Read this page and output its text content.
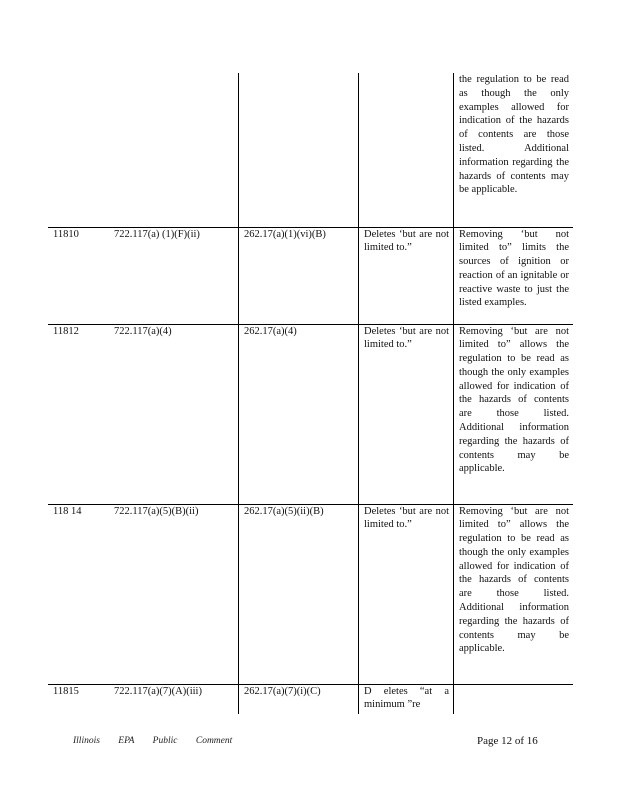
				the regulation to be read as though the only examples allowed for indication of the hazards of contents are those listed. Additional information regarding the hazards of contents may be applicable.

11810	722.117(a) (1)(F)(ii)	262.17(a)(1)(vi)(B)	Deletes ‘but are not limited to.”	Removing ‘but not limited to” limits the sources of ignition or reaction of an ignitable or reactive waste to just the listed examples.

11812	722.117(a)(4)	262.17(a)(4)	Deletes ‘but are not limited to.”	Removing ‘but are not limited to” allows the regulation to be read as though the only examples allowed for indication of the hazards of contents are those listed. Additional information regarding the hazards of contents may be applicable.

118 14	722.117(a)(5)(B)(ii)	262.17(a)(5)(ii)(B)	Deletes ‘but are not limited to.”	Removing ‘but are not limited to” allows the regulation to be read as though the only examples allowed for indication of the hazards of contents are those listed. Additional information regarding the hazards of contents may be applicable.

11815	722.117(a)(7)(A)(iii)	262.17(a)(7)(i)(C)	D eletes “at a minimum ”re	

Illinois EPA Public Comment	Page 12 of 16
